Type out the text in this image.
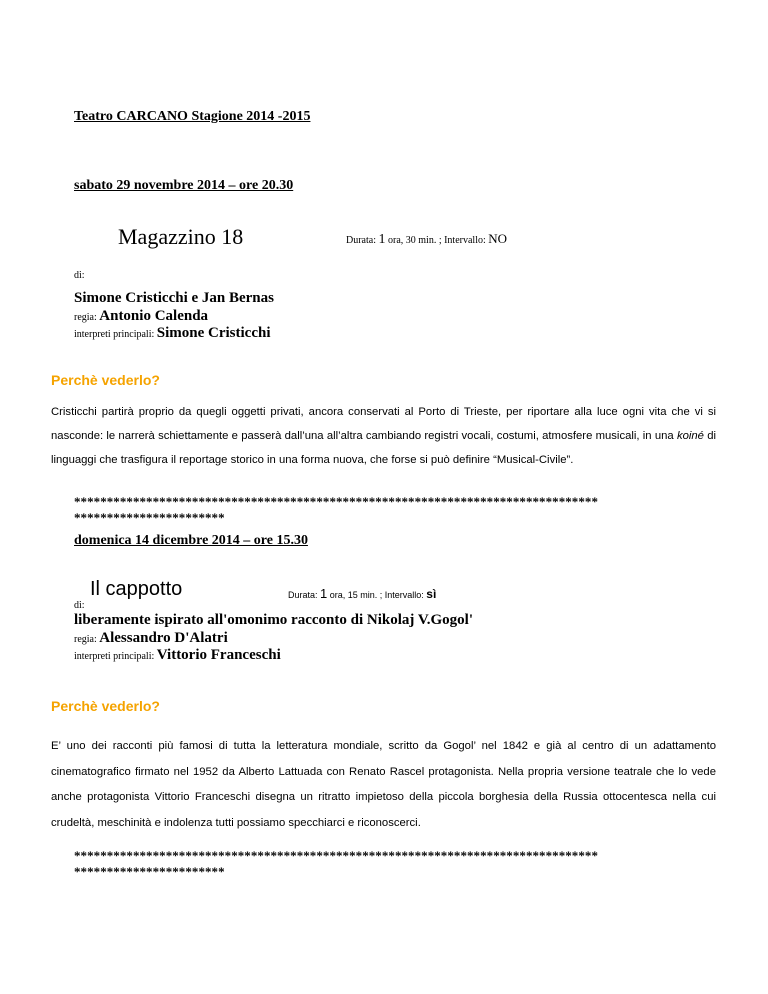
Teatro CARCANO Stagione 2014 -2015
sabato 29 novembre 2014 – ore 20.30
Magazzino 18	Durata: 1 ora, 30 min. ; Intervallo: NO
di:
Simone Cristicchi e Jan Bernas
regia: Antonio Calenda
interpreti principali: Simone Cristicchi
Perchè vederlo?
Cristicchi partirà proprio da quegli oggetti privati, ancora conservati al Porto di Trieste, per riportare alla luce ogni vita che vi si nasconde: le narrerà schiettamente e passerà dall’una all’altra cambiando registri vocali, costumi, atmosfere musicali, in una koiné di linguaggi che trasfigura il reportage storico in una forma nuova, che forse si può definire “Musical-Civile”.
********************************************************************************
***********************
domenica 14 dicembre 2014 – ore 15.30
Il cappotto	Durata: 1 ora, 15 min. ; Intervallo: sì
di:
liberamente ispirato all'omonimo racconto di Nikolaj V.Gogol'
regia: Alessandro D'Alatri
interpreti principali: Vittorio Franceschi
Perchè vederlo?
E’ uno dei racconti più famosi di tutta la letteratura mondiale, scritto da Gogol’ nel 1842 e già al centro di un adattamento cinematografico firmato nel 1952 da Alberto Lattuada con Renato Rascel protagonista. Nella propria versione teatrale che lo vede anche protagonista Vittorio Franceschi disegna un ritratto impietoso della piccola borghesia della Russia ottocentesca nella cui crudeltà, meschinità e indolenza tutti possiamo specchiarci e riconoscerci.
********************************************************************************
***********************
